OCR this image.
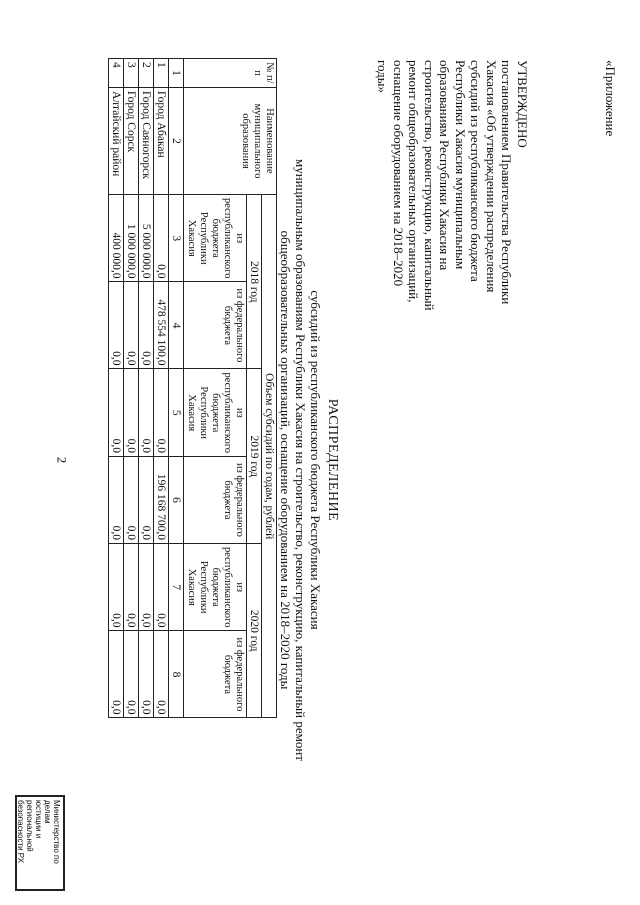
2
«Приложение
УТВЕРЖДЕНО
постановлением Правительства Республики Хакасия «Об утверждении распределения субсидий из республиканского бюджета Республики Хакасия муниципальным образованиям Республики Хакасия на строительство, реконструкцию, капитальный ремонт общеобразовательных организаций, оснащение оборудованием на 2018–2020 годы»
РАСПРЕДЕЛЕНИЕ
субсидий из республиканского бюджета Республики Хакасия
муниципальным образованиям Республики Хакасия на строительство, реконструкцию, капитальный ремонт
общеобразовательных организаций, оснащение оборудованием на 2018–2020 годы
№ п/п	Наименование муниципального образования	Объем субсидий по годам, рублей					
		2018 год		2019 год		2020 год	
		из республиканского бюджета Республики Хакасия	из федерального бюджета	из республиканского бюджета Республики Хакасия	из федерального бюджета	из республиканского бюджета Республики Хакасия	из федерального бюджета
1	2	3	4	5	6	7	8
1	Город Абакан	0,0	478 554 100,0	0,0	196 168 700,0	0,0	0,0
2	Город Саяногорск	5 000 000,0	0,0	0,0	0,0	0,0	0,0
3	Город Сорск	1 000 000,0	0,0	0,0	0,0	0,0	0,0
4	Алтайский район	400 000,0	0,0	0,0	0,0	0,0	0,0
Министерство по делам
юстиции и региональной
безопасности РХ
